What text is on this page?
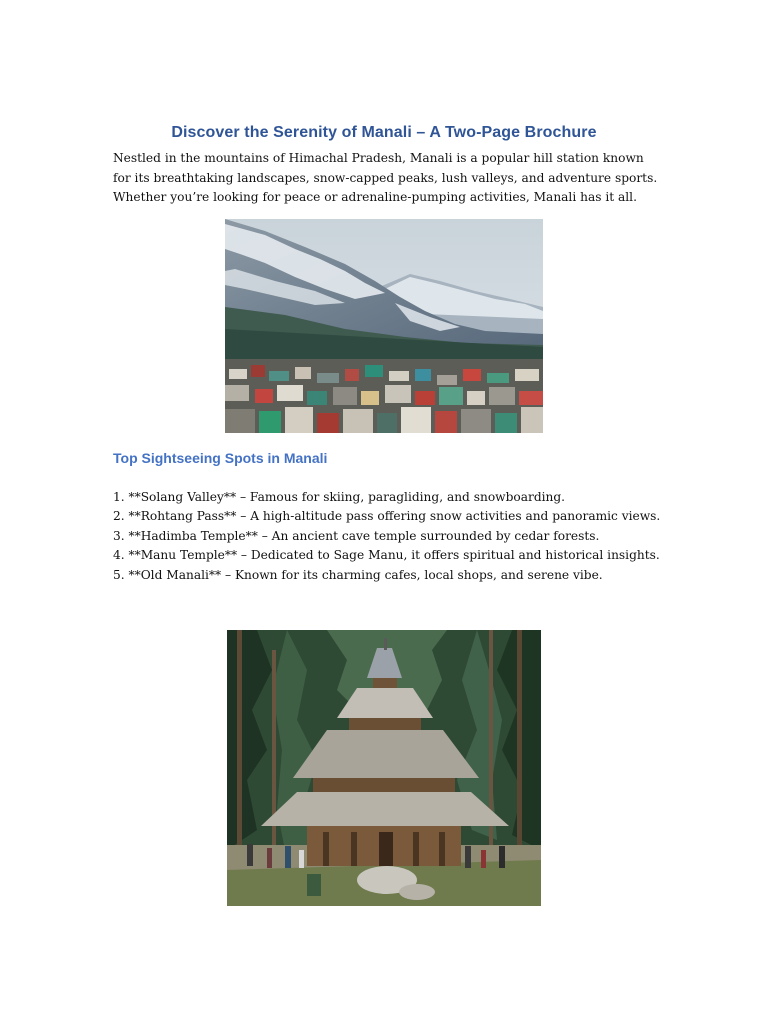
Discover the Serenity of Manali – A Two-Page Brochure

Nestled in the mountains of Himachal Pradesh, Manali is a popular hill station known for its breathtaking landscapes, snow-capped peaks, lush valleys, and adventure sports. Whether you’re looking for peace or adrenaline-pumping activities, Manali has it all.

Top Sightseeing Spots in Manali
1. **Solang Valley** – Famous for skiing, paragliding, and snowboarding.
2. **Rohtang Pass** – A high-altitude pass offering snow activities and panoramic views.
3. **Hadimba Temple** – An ancient cave temple surrounded by cedar forests.
4. **Manu Temple** – Dedicated to Sage Manu, it offers spiritual and historical insights.
5. **Old Manali** – Known for its charming cafes, local shops, and serene vibe.
